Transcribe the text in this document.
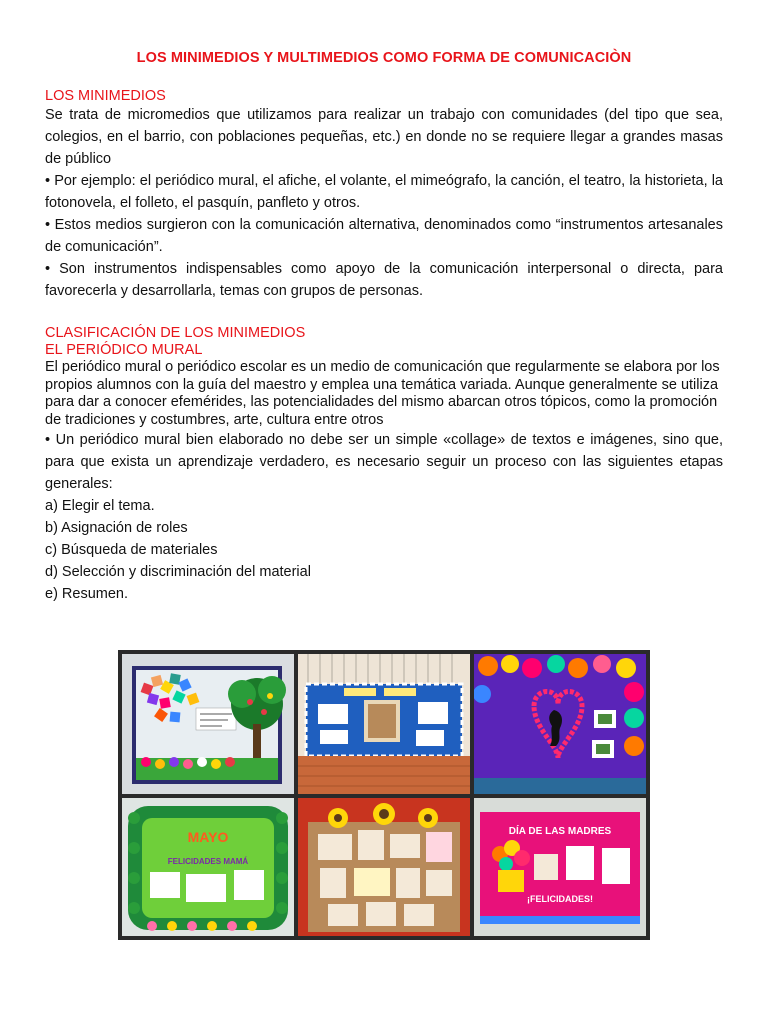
LOS MINIMEDIOS Y MULTIMEDIOS COMO FORMA DE COMUNICACIÒN
LOS MINIMEDIOS

Se trata de micromedios que utilizamos para realizar un trabajo con comunidades (del tipo que sea, colegios, en el barrio, con poblaciones pequeñas, etc.) en donde no se requiere llegar a grandes masas de público

• Por ejemplo: el periódico mural, el afiche, el volante, el mimeógrafo, la canción, el teatro, la historieta, la fotonovela, el folleto, el pasquín, panfleto y otros.

• Estos medios surgieron con la comunicación alternativa, denominados como “instrumentos artesanales de comunicación”.

• Son instrumentos indispensables como apoyo de la comunicación interpersonal o directa, para favorecerla y desarrollarla, temas con grupos de personas.

CLASIFICACIÓN DE LOS MINIMEDIOS
EL PERIÓDICO MURAL

El periódico mural o periódico escolar es un medio de comunicación que regularmente se elabora por los propios alumnos con la guía del maestro y emplea una temática variada. Aunque generalmente se utiliza para dar a conocer efemérides, las potencialidades del mismo abarcan otros tópicos, como la promoción de tradiciones y costumbres, arte, cultura entre otros

• Un periódico mural bien elaborado no debe ser un simple «collage» de textos e imágenes, sino que, para que exista un aprendizaje verdadero, es necesario seguir un proceso con las siguientes etapas generales:

a) Elegir el tema.
b) Asignación de roles
c) Búsqueda de materiales
d) Selección y discriminación del material
e) Resumen.
MAYO
FELICIDADES MAMÁ
DÍA DE LAS MADRES
¡FELICIDADES!
